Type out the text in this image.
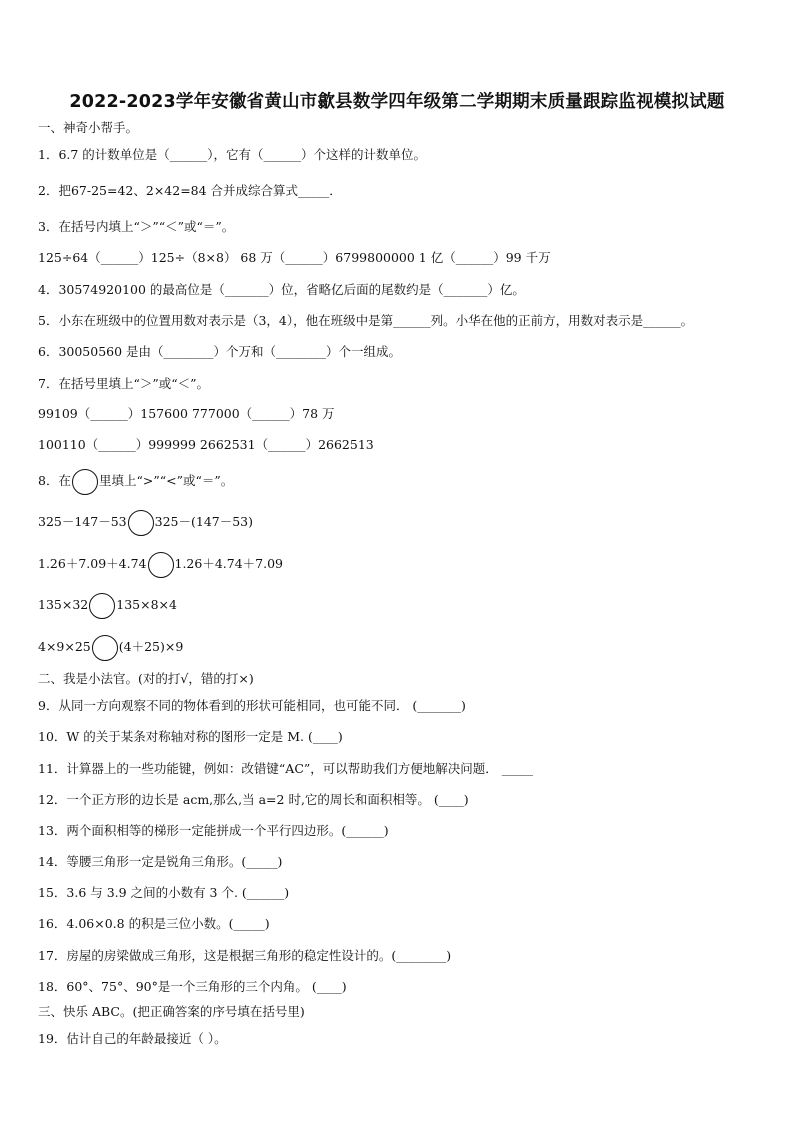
2022-2023学年安徽省黄山市歙县数学四年级第二学期期末质量跟踪监视模拟试题
一、神奇小帮手。
1．6.7 的计数单位是（______），它有（______）个这样的计数单位。
2．把67-25=42、2×42=84 合并成综合算式_____．
3．在括号内填上“＞”“＜”或“＝”。
125÷64（______）125÷（8×8） 68 万（______）6799800000 1 亿（______）99 千万
4．30574920100 的最高位是（_______）位，省略亿后面的尾数约是（_______）亿。
5．小东在班级中的位置用数对表示是（3，4），他在班级中是第______列。小华在他的正前方，用数对表示是______。
6．30050560 是由（________）个万和（________）个一组成。
7．在括号里填上“＞”或“＜”。
99109（______）157600 777000（______）78 万
100110（______）999999 2662531（______）2662513
8．在 里填上“>”“<”或“＝”。
325－147－53 325－(147－53)
1.26＋7.09＋4.74 1.26＋4.74＋7.09
135×32 135×8×4
4×9×25 (4＋25)×9
二、我是小法官。(对的打√，错的打×)
9．从同一方向观察不同的物体看到的形状可能相同，也可能不同． (_______)
10．W 的关于某条对称轴对称的图形一定是 M. (____)
11．计算器上的一些功能键，例如：改错键“AC”，可以帮助我们方便地解决问题． _____
12．一个正方形的边长是 acm,那么,当 a=2 时,它的周长和面积相等。 (____)
13．两个面积相等的梯形一定能拼成一个平行四边形。(______)
14．等腰三角形一定是锐角三角形。(_____)
15．3.6 与 3.9 之间的小数有 3 个. (______)
16．4.06×0.8 的积是三位小数。(_____)
17．房屋的房梁做成三角形，这是根据三角形的稳定性设计的。(________)
18．60°、75°、90°是一个三角形的三个内角。 (____)
三、快乐 ABC。(把正确答案的序号填在括号里)
19．估计自己的年龄最接近（ ）。
